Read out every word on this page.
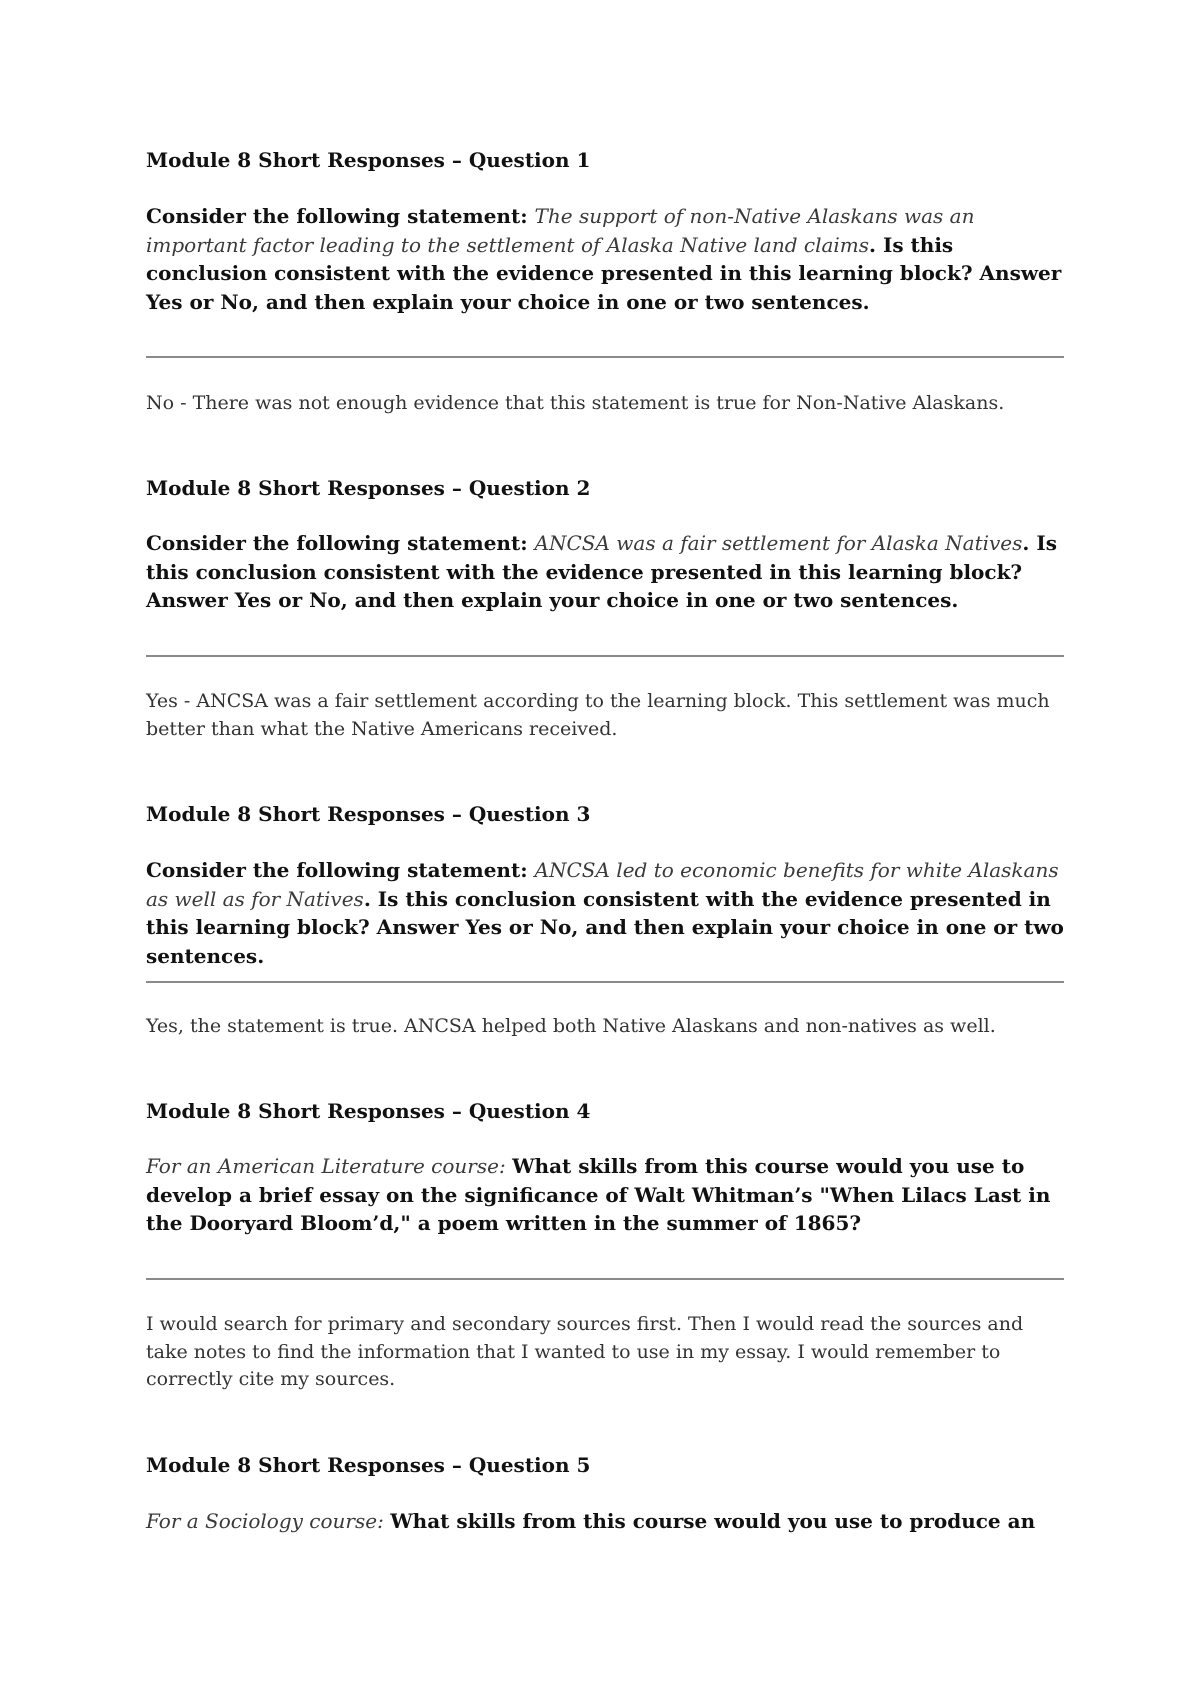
Module 8 Short Responses – Question 1
Consider the following statement: The support of non-Native Alaskans was an important factor leading to the settlement of Alaska Native land claims. Is this conclusion consistent with the evidence presented in this learning block? Answer Yes or No, and then explain your choice in one or two sentences.
No - There was not enough evidence that this statement is true for Non-Native Alaskans.
Module 8 Short Responses – Question 2
Consider the following statement: ANCSA was a fair settlement for Alaska Natives. Is this conclusion consistent with the evidence presented in this learning block? Answer Yes or No, and then explain your choice in one or two sentences.
Yes - ANCSA was a fair settlement according to the learning block. This settlement was much better than what the Native Americans received.
Module 8 Short Responses – Question 3
Consider the following statement: ANCSA led to economic benefits for white Alaskans as well as for Natives. Is this conclusion consistent with the evidence presented in this learning block? Answer Yes or No, and then explain your choice in one or two sentences.
Yes, the statement is true. ANCSA helped both Native Alaskans and non-natives as well.
Module 8 Short Responses – Question 4
For an American Literature course: What skills from this course would you use to develop a brief essay on the significance of Walt Whitman’s "When Lilacs Last in the Dooryard Bloom’d," a poem written in the summer of 1865?
I would search for primary and secondary sources first. Then I would read the sources and take notes to find the information that I wanted to use in my essay. I would remember to correctly cite my sources.
Module 8 Short Responses – Question 5
For a Sociology course: What skills from this course would you use to produce an
